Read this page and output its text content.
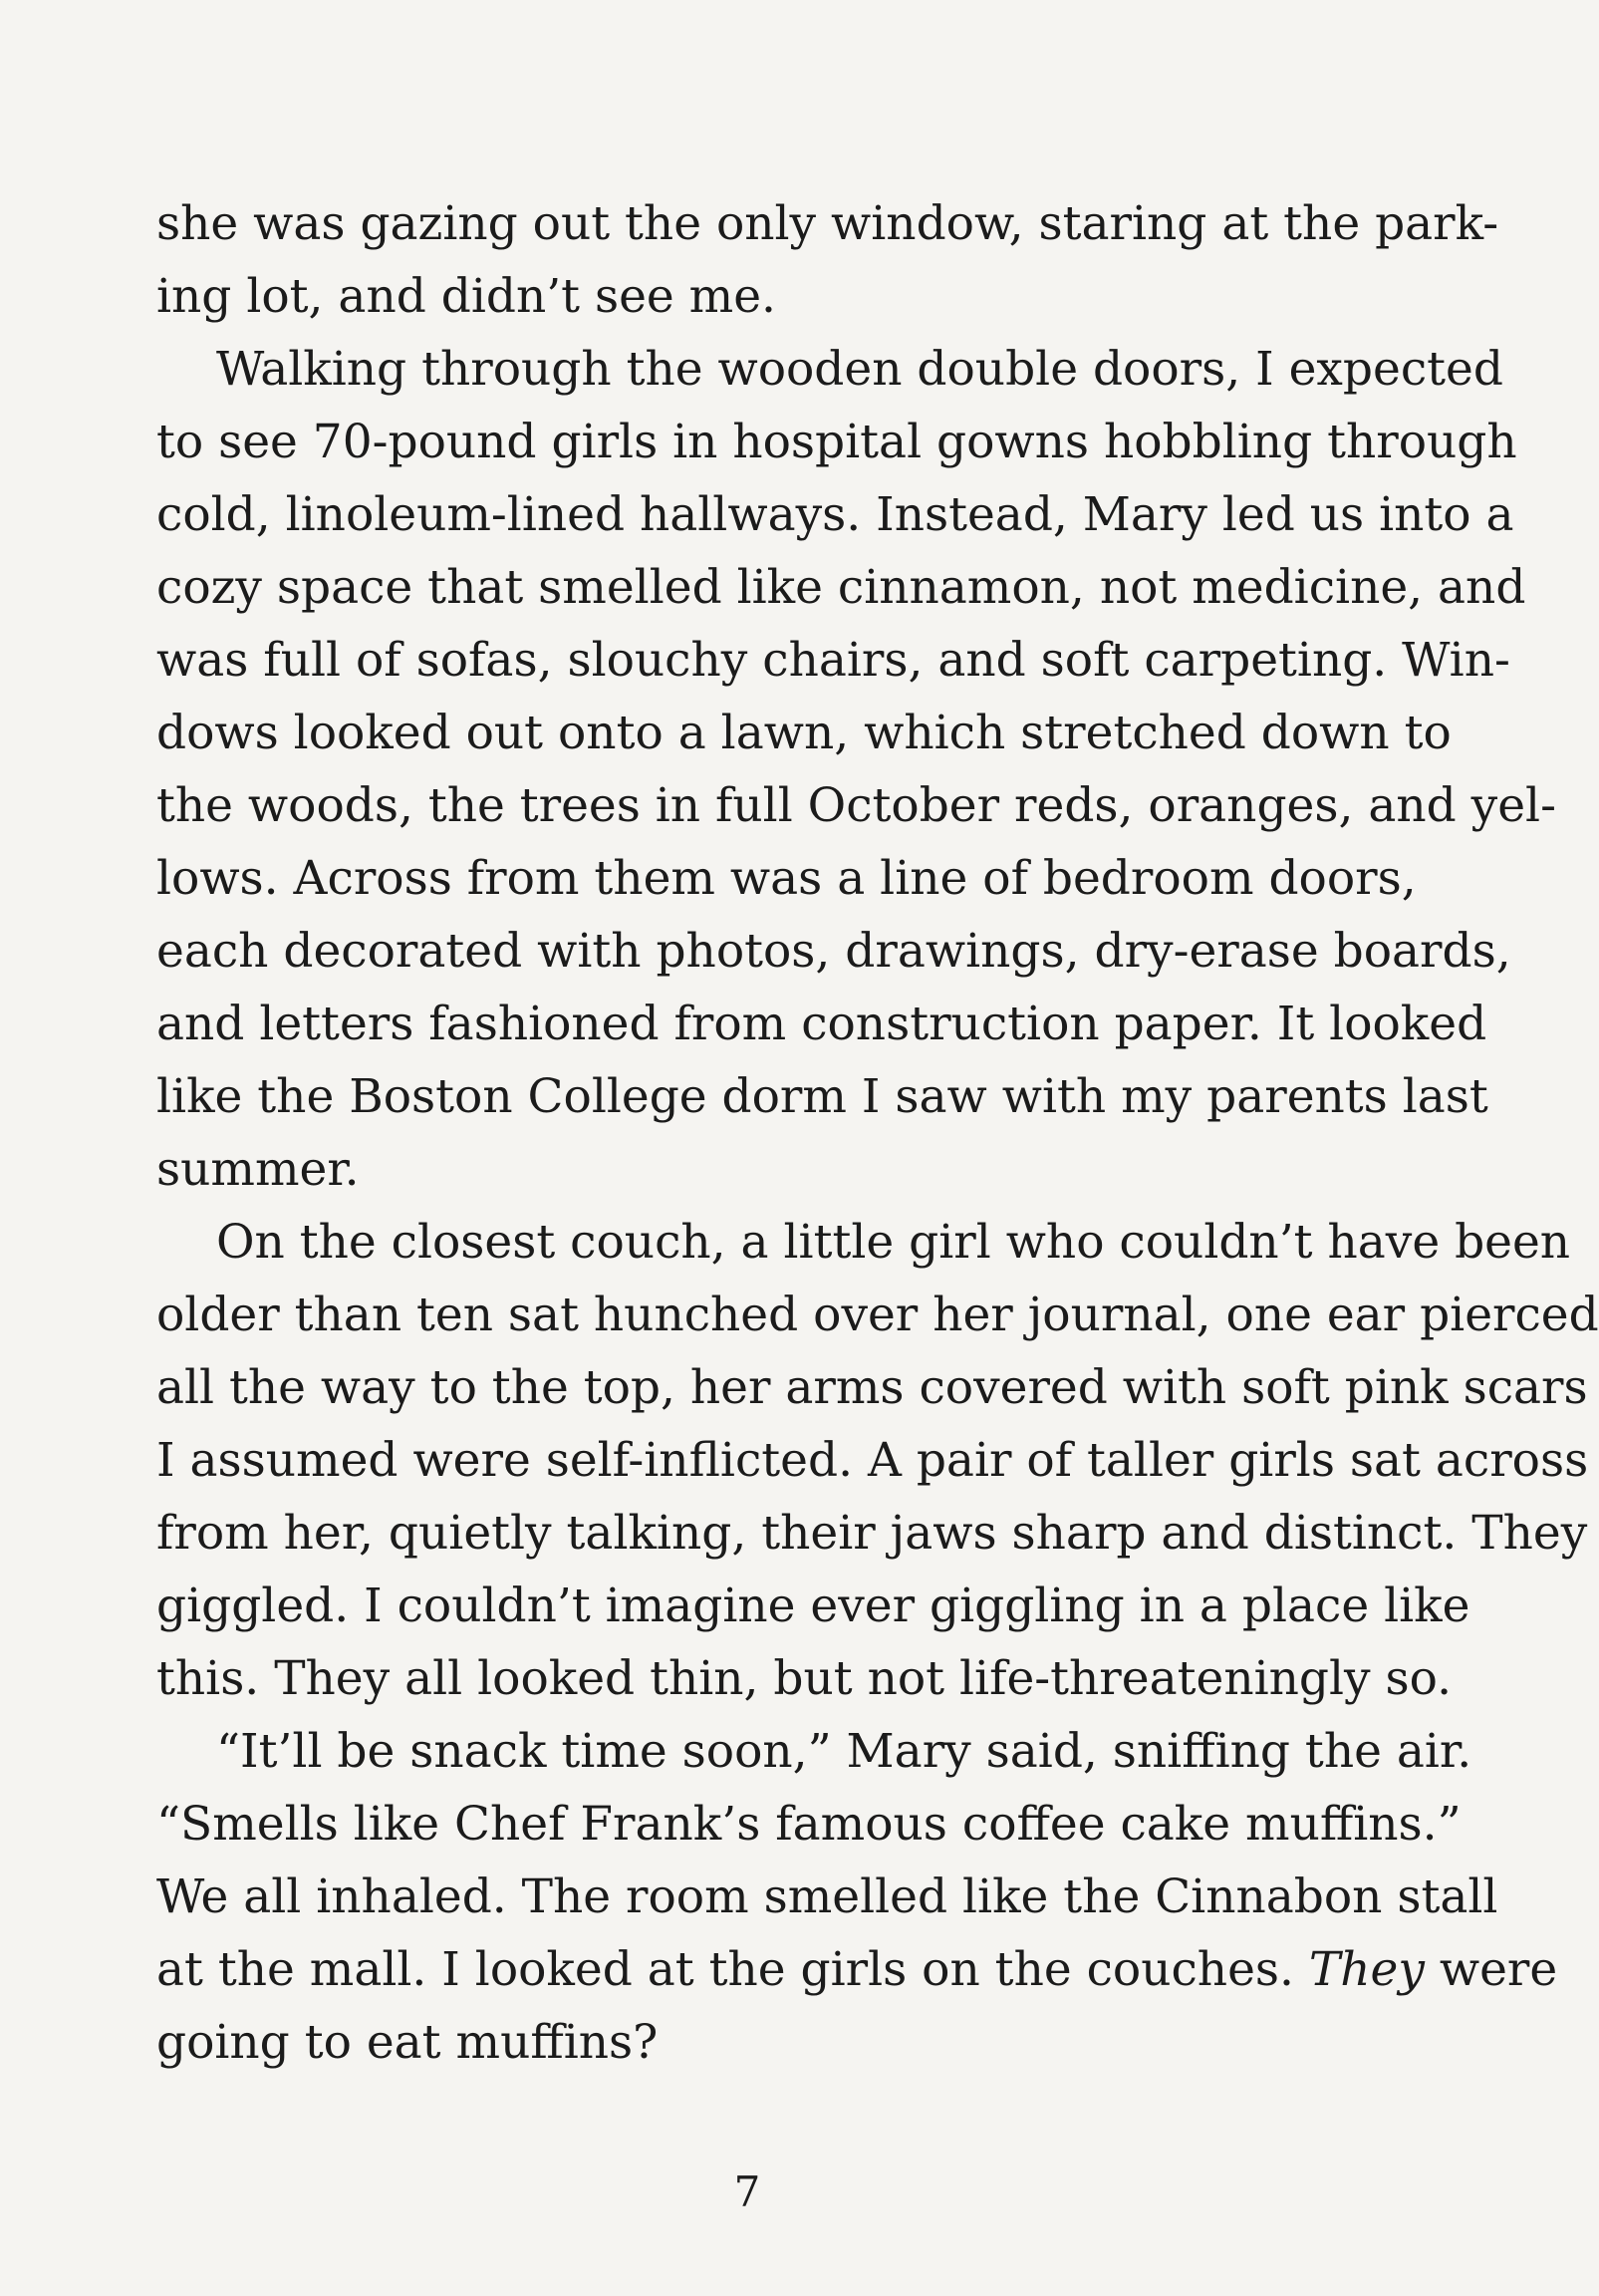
she was gazing out the only window, staring at the park-
ing lot, and didn’t see me.
Walking through the wooden double doors, I expected
to see 70-pound girls in hospital gowns hobbling through
cold, linoleum-lined hallways. Instead, Mary led us into a
cozy space that smelled like cinnamon, not medicine, and
was full of sofas, slouchy chairs, and soft carpeting. Win-
dows looked out onto a lawn, which stretched down to
the woods, the trees in full October reds, oranges, and yel-
lows. Across from them was a line of bedroom doors,
each decorated with photos, drawings, dry-erase boards,
and letters fashioned from construction paper. It looked
like the Boston College dorm I saw with my parents last
summer.
On the closest couch, a little girl who couldn’t have been
older than ten sat hunched over her journal, one ear pierced
all the way to the top, her arms covered with soft pink scars
I assumed were self-inflicted. A pair of taller girls sat across
from her, quietly talking, their jaws sharp and distinct. They
giggled. I couldn’t imagine ever giggling in a place like
this. They all looked thin, but not life-threateningly so.
“It’ll be snack time soon,” Mary said, sniffing the air.
“Smells like Chef Frank’s famous coffee cake muffins.”
We all inhaled. The room smelled like the Cinnabon stall
at the mall. I looked at the girls on the couches. They were
going to eat muffins?
7
